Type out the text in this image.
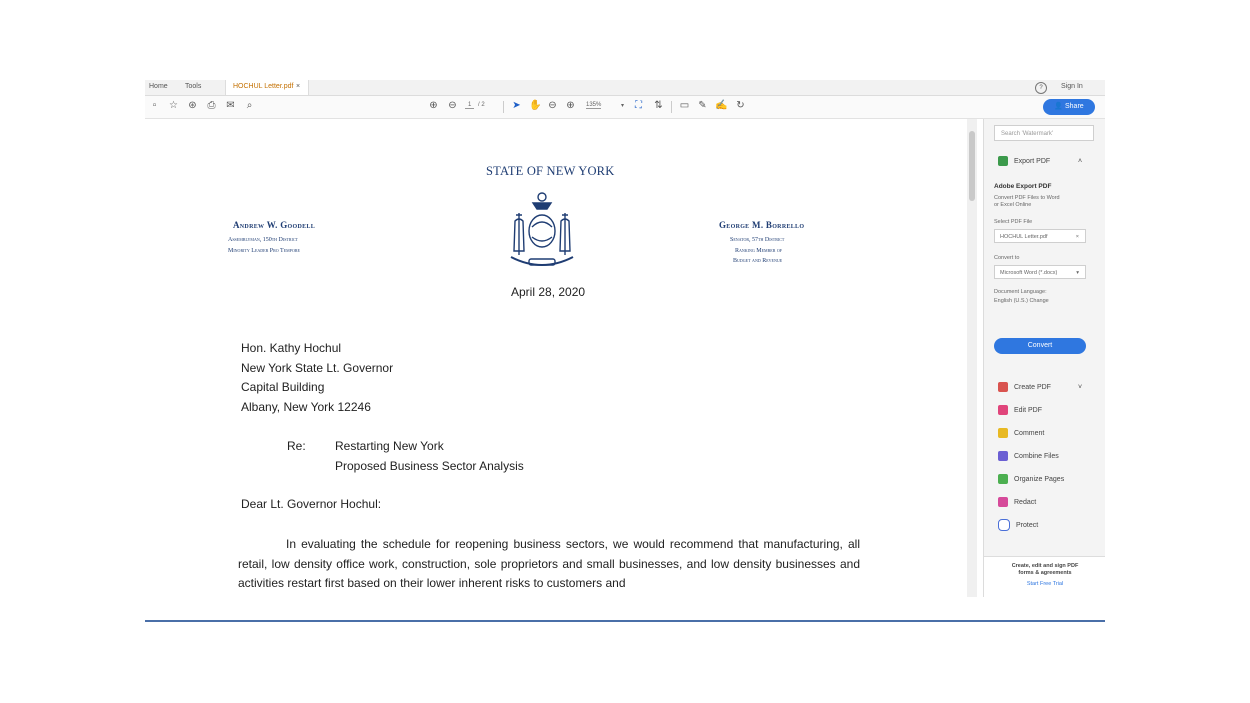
Home Tools	HOCHUL Letter.pdf ×	?	Sign In
▫	☆ ⊛ ⎙ ✉ ⌕	⊕ ⊖	1	/ 2	➤ ✋ ⊖ ⊕ 135%	▾ ⛶ ⇅ ▭ ✎ ✍ ↻	👤 Share
STATE OF NEW YORK
Andrew W. Goodell
Assemblyman, 150th District
Minority Leader Pro Tempore
George M. Borrello
Senator, 57th District
Ranking Member of
Budget and Revenue
April 28, 2020
Hon. Kathy Hochul
New York State Lt. Governor
Capital Building
Albany, New York 12246
Re: Restarting New York
Proposed Business Sector Analysis
Dear Lt. Governor Hochul:
In evaluating the schedule for reopening business sectors, we would recommend that manufacturing, all retail, low density office work, construction, sole proprietors and small businesses, and low density businesses and activities restart first based on their lower inherent risks to customers and
Search 'Watermark'
Export PDF	˄
Adobe Export PDF
Convert PDF Files to Word
or Excel Online
Select PDF File
HOCHUL Letter.pdf	×
Convert to
Microsoft Word (*.docx)	▾
Document Language:
English (U.S.) Change
Convert
Create PDF	˅
Edit PDF
Comment
Combine Files
Organize Pages
Redact
Protect
Create, edit and sign PDF
forms & agreements
Start Free Trial
